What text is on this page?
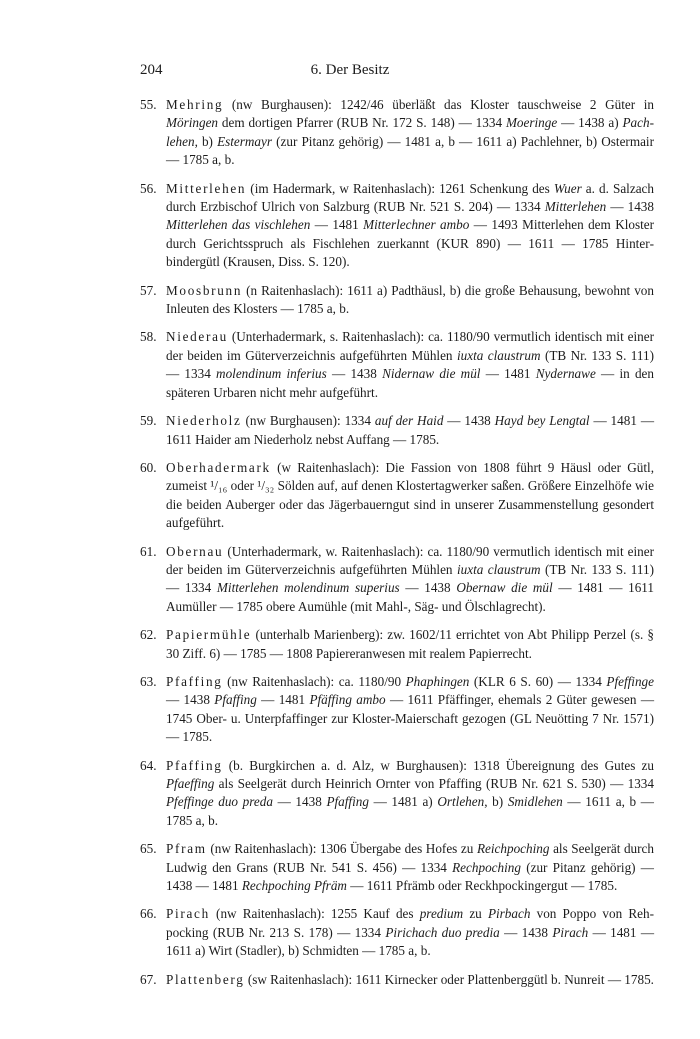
204	6. Der Besitz
55. Mehring (nw Burghausen): 1242/46 überläßt das Kloster tauschweise 2 Güter in Möringen dem dortigen Pfarrer (RUB Nr. 172 S. 148) — 1334 Moeringe — 1438 a) Pachlehen, b) Estermayr (zur Pitanz gehörig) — 1481 a, b — 1611 a) Pachlehner, b) Ostermair — 1785 a, b.
56. Mitterlehen (im Hadermark, w Raitenhaslach): 1261 Schenkung des Wuer a. d. Salzach durch Erzbischof Ulrich von Salzburg (RUB Nr. 521 S. 204) — 1334 Mitterlehen — 1438 Mitterlehen das vischlehen — 1481 Mitterlechner ambo — 1493 Mitterlehen dem Kloster durch Gerichtsspruch als Fischlehen zuerkannt (KUR 890) — 1611 — 1785 Hinterbindergütl (Krausen, Diss. S. 120).
57. Moosbrunn (n Raitenhaslach): 1611 a) Padthäusl, b) die große Behausung, bewohnt von Inleuten des Klosters — 1785 a, b.
58. Niederau (Unterhadermark, s. Raitenhaslach): ca. 1180/90 vermutlich identisch mit einer der beiden im Güterverzeichnis aufgeführten Mühlen iuxta claustrum (TB Nr. 133 S. 111) — 1334 molendinum inferius — 1438 Nidernaw die mül — 1481 Nydernawe — in den späteren Urbaren nicht mehr aufgeführt.
59. Niederholz (nw Burghausen): 1334 auf der Haid — 1438 Hayd bey Lengtal — 1481 — 1611 Haider am Niederholz nebst Auffang — 1785.
60. Oberhadermark (w Raitenhaslach): Die Fassion von 1808 führt 9 Häusl oder Gütl, zumeist ¹/₁₆ oder ¹/₃₂ Sölden auf, auf denen Klostertagwerker saßen. Größere Einzelhöfe wie die beiden Auberger oder das Jägerbauerngut sind in unserer Zusammenstellung gesondert aufgeführt.
61. Obernau (Unterhadermark, w. Raitenhaslach): ca. 1180/90 vermutlich identisch mit einer der beiden im Güterverzeichnis aufgeführten Mühlen iuxta claustrum (TB Nr. 133 S. 111) — 1334 Mitterlehen molendinum superius — 1438 Obernaw die mül — 1481 — 1611 Aumüller — 1785 obere Aumühle (mit Mahl-, Säg- und Ölschlagrecht).
62. Papiermühle (unterhalb Marienberg): zw. 1602/11 errichtet von Abt Philipp Perzel (s. § 30 Ziff. 6) — 1785 — 1808 Papiereranwesen mit realem Papierrecht.
63. Pfaffing (nw Raitenhaslach): ca. 1180/90 Phaphingen (KLR 6 S. 60) — 1334 Pfeffinge — 1438 Pfaffing — 1481 Pfäffing ambo — 1611 Pfäffinger, ehemals 2 Güter gewesen — 1745 Ober- u. Unterpfaffinger zur Kloster-Maierschaft gezogen (GL Neuötting 7 Nr. 1571) — 1785.
64. Pfaffing (b. Burgkirchen a. d. Alz, w Burghausen): 1318 Übereignung des Gutes zu Pfaeffing als Seelgerät durch Heinrich Ornter von Pfaffing (RUB Nr. 621 S. 530) — 1334 Pfeffinge duo preda — 1438 Pfaffing — 1481 a) Ortlehen, b) Smidlehen — 1611 a, b — 1785 a, b.
65. Pfram (nw Raitenhaslach): 1306 Übergabe des Hofes zu Reichpoching als Seelgerät durch Ludwig den Grans (RUB Nr. 541 S. 456) — 1334 Rechpoching (zur Pitanz gehörig) — 1438 — 1481 Rechpoching Pfräm — 1611 Pfrämb oder Reckhpockingergut — 1785.
66. Pirach (nw Raitenhaslach): 1255 Kauf des predium zu Pirbach von Poppo von Rehpocking (RUB Nr. 213 S. 178) — 1334 Pirichach duo predia — 1438 Pirach — 1481 — 1611 a) Wirt (Stadler), b) Schmidten — 1785 a, b.
67. Plattenberg (sw Raitenhaslach): 1611 Kirnecker oder Plattenberggütl b. Nunreit — 1785.
